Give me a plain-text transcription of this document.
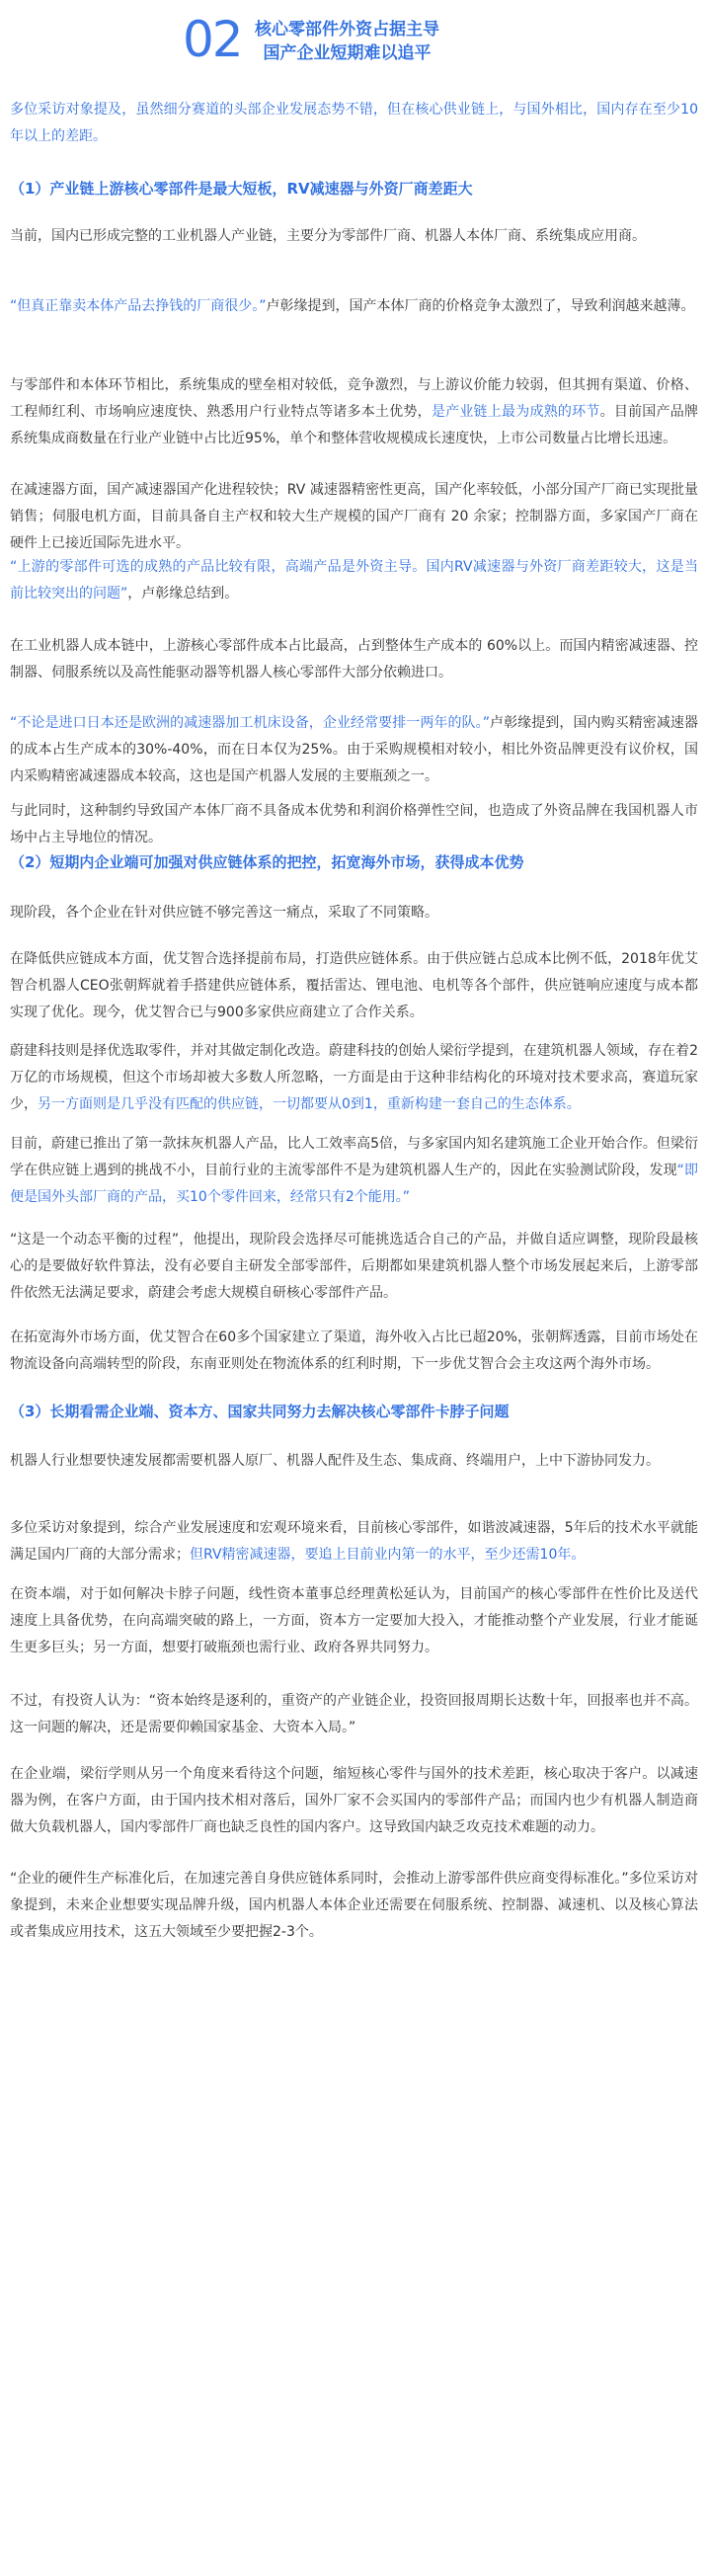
02 核心零部件外资占据主导
国产企业短期难以追平
多位采访对象提及，虽然细分赛道的头部企业发展态势不错，但在核心供业链上，与国外相比，国内存在至少10年以上的差距。
（1）产业链上游核心零部件是最大短板，RV减速器与外资厂商差距大
当前，国内已形成完整的工业机器人产业链，主要分为零部件厂商、机器人本体厂商、系统集成应用商。
“但真正靠卖本体产品去挣钱的厂商很少。”卢彰缘提到，国产本体厂商的价格竞争太激烈了，导致利润越来越薄。
与零部件和本体环节相比，系统集成的壁垒相对较低，竞争激烈，与上游议价能力较弱，但其拥有渠道、价格、工程师红利、市场响应速度快、熟悉用户行业特点等诸多本土优势，是产业链上最为成熟的环节。目前国产品牌系统集成商数量在行业产业链中占比近95%，单个和整体营收规模成长速度快，上市公司数量占比增长迅速。
在减速器方面，国产减速器国产化进程较快；RV 减速器精密性更高，国产化率较低，小部分国产厂商已实现批量销售；伺服电机方面，目前具备自主产权和较大生产规模的国产厂商有 20 余家；控制器方面，多家国产厂商在硬件上已接近国际先进水平。
“上游的零部件可选的成熟的产品比较有限，高端产品是外资主导。国内RV减速器与外资厂商差距较大，这是当前比较突出的问题”，卢彰缘总结到。
在工业机器人成本链中，上游核心零部件成本占比最高，占到整体生产成本的 60%以上。而国内精密减速器、控制器、伺服系统以及高性能驱动器等机器人核心零部件大部分依赖进口。
“不论是进口日本还是欧洲的减速器加工机床设备，企业经常要排一两年的队。”卢彰缘提到，国内购买精密减速器的成本占生产成本的30%-40%，而在日本仅为25%。由于采购规模相对较小，相比外资品牌更没有议价权，国内采购精密减速器成本较高，这也是国产机器人发展的主要瓶颈之一。
与此同时，这种制约导致国产本体厂商不具备成本优势和利润价格弹性空间，也造成了外资品牌在我国机器人市场中占主导地位的情况。
（2）短期内企业端可加强对供应链体系的把控，拓宽海外市场，获得成本优势
现阶段，各个企业在针对供应链不够完善这一痛点，采取了不同策略。
在降低供应链成本方面，优艾智合选择提前布局，打造供应链体系。由于供应链占总成本比例不低，2018年优艾智合机器人CEO张朝辉就着手搭建供应链体系，覆括雷达、锂电池、电机等各个部件，供应链响应速度与成本都实现了优化。现今，优艾智合已与900多家供应商建立了合作关系。
蔚建科技则是择优选取零件，并对其做定制化改造。蔚建科技的创始人梁衍学提到，在建筑机器人领域，存在着2万亿的市场规模，但这个市场却被大多数人所忽略，一方面是由于这种非结构化的环境对技术要求高，赛道玩家少，另一方面则是几乎没有匹配的供应链，一切都要从0到1，重新构建一套自己的生态体系。
目前，蔚建已推出了第一款抹灰机器人产品，比人工效率高5倍，与多家国内知名建筑施工企业开始合作。但梁衍学在供应链上遇到的挑战不小，目前行业的主流零部件不是为建筑机器人生产的，因此在实验测试阶段，发现“即便是国外头部厂商的产品，买10个零件回来，经常只有2个能用。”
“这是一个动态平衡的过程”，他提出，现阶段会选择尽可能挑选适合自己的产品，并做自适应调整，现阶段最核心的是要做好软件算法，没有必要自主研发全部零部件，后期都如果建筑机器人整个市场发展起来后，上游零部件依然无法满足要求，蔚建会考虑大规模自研核心零部件产品。
在拓宽海外市场方面，优艾智合在60多个国家建立了渠道，海外收入占比已超20%，张朝辉透露，目前市场处在物流设备向高端转型的阶段，东南亚则处在物流体系的红利时期，下一步优艾智合会主攻这两个海外市场。
（3）长期看需企业端、资本方、国家共同努力去解决核心零部件卡脖子问题
机器人行业想要快速发展都需要机器人原厂、机器人配件及生态、集成商、终端用户，上中下游协同发力。
多位采访对象提到，综合产业发展速度和宏观环境来看，目前核心零部件，如谐波减速器，5年后的技术水平就能满足国内厂商的大部分需求；但RV精密减速器，要追上目前业内第一的水平，至少还需10年。
在资本端，对于如何解决卡脖子问题，线性资本董事总经理黄松延认为，目前国产的核心零部件在性价比及送代速度上具备优势，在向高端突破的路上，一方面，资本方一定要加大投入，才能推动整个产业发展，行业才能诞生更多巨头；另一方面，想要打破瓶颈也需行业、政府各界共同努力。
不过，有投资人认为：“资本始终是逐利的，重资产的产业链企业，投资回报周期长达数十年，回报率也并不高。这一问题的解决，还是需要仰赖国家基金、大资本入局。”
在企业端，梁衍学则从另一个角度来看待这个问题，缩短核心零件与国外的技术差距，核心取决于客户。以减速器为例，在客户方面，由于国内技术相对落后，国外厂家不会买国内的零部件产品；而国内也少有机器人制造商做大负载机器人，国内零部件厂商也缺乏良性的国内客户。这导致国内缺乏攻克技术难题的动力。
“企业的硬件生产标准化后，在加速完善自身供应链体系同时，会推动上游零部件供应商变得标准化。”多位采访对象提到，未来企业想要实现品牌升级，国内机器人本体企业还需要在伺服系统、控制器、减速机、以及核心算法或者集成应用技术，这五大领域至少要把握2-3个。
